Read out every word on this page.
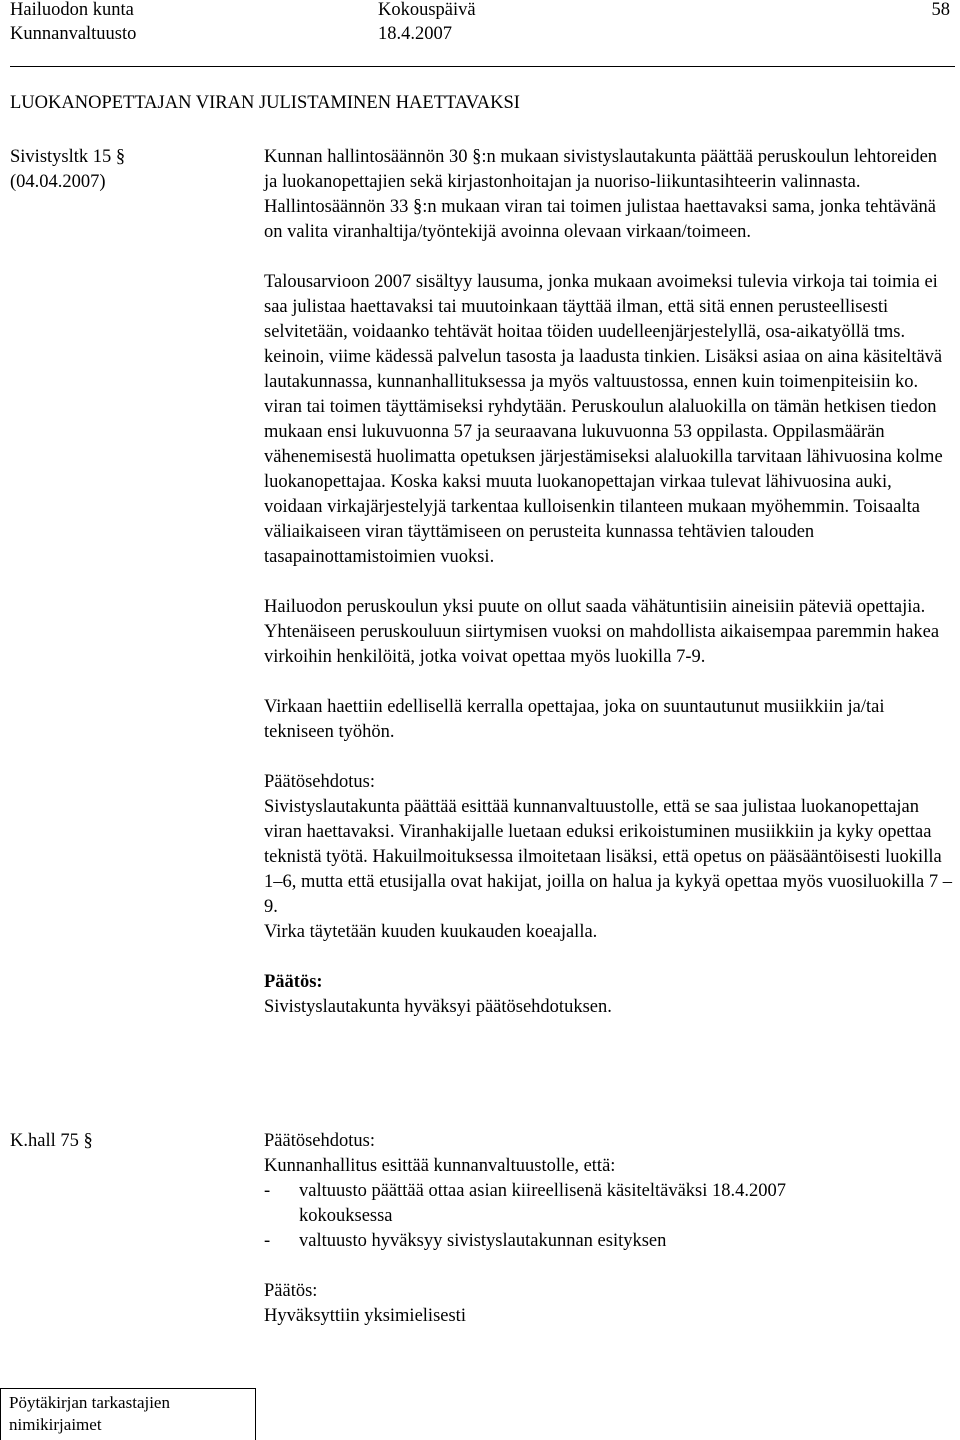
Hailuodon kunta
Kunnanvaltuusto
Kokouspäivä
18.4.2007
58
LUOKANOPETTAJAN VIRAN JULISTAMINEN HAETTAVAKSI
Sivistysltk 15 §
(04.04.2007)

Kunnan hallintosäännön 30 §:n mukaan sivistyslautakunta päättää peruskoulun lehtoreiden ja luokanopettajien sekä kirjastonhoitajan ja nuoriso-liikuntasihteerin valinnasta. Hallintosäännön 33 §:n mukaan viran tai toimen julistaa haettavaksi sama, jonka tehtävänä on valita viranhaltija/työntekijä avoinna olevaan virkaan/toimeen.

Talousarvioon 2007 sisältyy lausuma, jonka mukaan avoimeksi tulevia virkoja tai toimia ei saa julistaa haettavaksi tai muutoinkaan täyttää ilman, että sitä ennen perusteellisesti selvitetään, voidaanko tehtävät hoitaa töiden uudelleenjärjestelyllä, osa-aikatyöllä tms. keinoin, viime kädessä palvelun tasosta ja laadusta tinkien. Lisäksi asiaa on aina käsiteltävä lautakunnassa, kunnanhallituksessa ja myös valtuustossa, ennen kuin toimenpiteisiin ko. viran tai toimen täyttämiseksi ryhdytään. Peruskoulun alaluokilla on tämän hetkisen tiedon mukaan ensi lukuvuonna 57 ja seuraavana lukuvuonna 53 oppilasta. Oppilasmäärän vähenemisestä huolimatta opetuksen järjestämiseksi alaluokilla tarvitaan lähivuosina kolme luokanopettajaa. Koska kaksi muuta luokanopettajan virkaa tulevat lähivuosina auki, voidaan virkajärjestelyjä tarkentaa kulloisenkin tilanteen mukaan myöhemmin. Toisaalta väliaikaiseen viran täyttämiseen on perusteita kunnassa tehtävien talouden tasapainottamistoimien vuoksi.

Hailuodon peruskoulun yksi puute on ollut saada vähätuntisiin aineisiin päteviä opettajia. Yhtenäiseen peruskouluun siirtymisen vuoksi on mahdollista aikaisempaa paremmin hakea virkoihin henkilöitä, jotka voivat opettaa myös luokilla 7-9.

Virkaan haettiin edellisellä kerralla opettajaa, joka on suuntautunut musiikkiin ja/tai tekniseen työhön.

Päätösehdotus:

Sivistyslautakunta päättää esittää kunnanvaltuustolle, että se saa julistaa luokanopettajan viran haettavaksi. Viranhakijalle luetaan eduksi erikoistuminen musiikkiin ja kyky opettaa teknistä työtä. Hakuilmoituksessa ilmoitetaan lisäksi, että opetus on pääsääntöisesti luokilla 1–6, mutta että etusijalla ovat hakijat, joilla on halua ja kykyä opettaa myös vuosiluokilla 7 – 9.

Virka täytetään kuuden kuukauden koeajalla.

Päätös:

Sivistyslautakunta hyväksyi päätösehdotuksen.

K.hall 75 §	Päätösehdotus:

Kunnanhallitus esittää kunnanvaltuustolle, että:

- valtuusto päättää ottaa asian kiireellisenä käsiteltäväksi 18.4.2007

kokouksessa

- valtuusto hyväksyy sivistyslautakunnan esityksen

Päätös:

Hyväksyttiin yksimielisesti

Pöytäkirjan tarkastajien
nimikirjaimet
